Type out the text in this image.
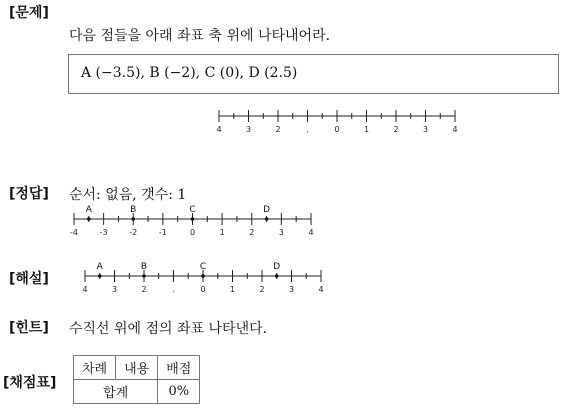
[문제]
다음 점들을 아래 좌표 축 위에 나타내어라.
A (−3.5), B (−2), C (0), D (2.5)
4	3	2	.	0	1	2	3	4
[정답] 순서: 없음, 갯수: 1
-4	-3	-2	-1	0	1	2	3	4
A	B	C	D
[해설]
4	3	2	.	0	1	2	3	4
A	B	C	D
[힌트] 수직선 위에 점의 좌표 나타낸다.
[채점표]
차례	내용	배점
합계		0%
